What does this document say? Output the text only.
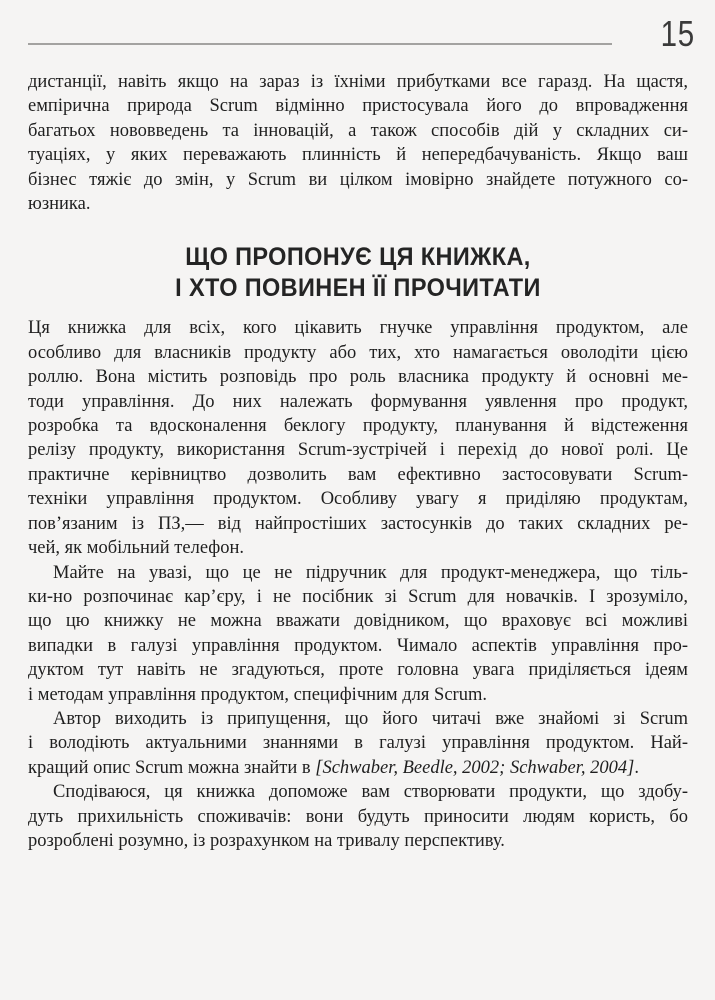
15
дистанції, навіть якщо на зараз із їхніми прибутками все гаразд. На щастя,
емпірична природа Scrum відмінно пристосувала його до впровадження
багатьох нововведень та інновацій, а також способів дій у складних си-
туаціях, у яких переважають плинність й непередбачуваність. Якщо ваш
бізнес тяжіє до змін, у Scrum ви цілком імовірно знайдете потужного со-
юзника.
ЩО ПРОПОНУЄ ЦЯ КНИЖКА,
І ХТО ПОВИНЕН ЇЇ ПРОЧИТАТИ
Ця книжка для всіх, кого цікавить гнучке управління продуктом, але
особливо для власників продукту або тих, хто намагається оволодіти цією
роллю. Вона містить розповідь про роль власника продукту й основні ме-
тоди управління. До них належать формування уявлення про продукт,
розробка та вдосконалення беклогу продукту, планування й відстеження
релізу продукту, використання Scrum-зустрічей і перехід до нової ролі. Це
практичне керівництво дозволить вам ефективно застосовувати Scrum-
техніки управління продуктом. Особливу увагу я приділяю продуктам,
пов’язаним із ПЗ,— від найпростіших застосунків до таких складних ре-
чей, як мобільний телефон.
Майте на увазі, що це не підручник для продукт-менеджера, що тіль-
ки-но розпочинає кар’єру, і не посібник зі Scrum для новачків. І зрозуміло,
що цю книжку не можна вважати довідником, що враховує всі можливі
випадки в галузі управління продуктом. Чимало аспектів управління про-
дуктом тут навіть не згадуються, проте головна увага приділяється ідеям
і методам управління продуктом, специфічним для Scrum.
Автор виходить із припущення, що його читачі вже знайомі зі Scrum
і володіють актуальними знаннями в галузі управління продуктом. Най-
кращий опис Scrum можна знайти в [Schwaber, Beedle, 2002; Schwaber, 2004].
Сподіваюся, ця книжка допоможе вам створювати продукти, що здобу-
дуть прихильність споживачів: вони будуть приносити людям користь, бо
розроблені розумно, із розрахунком на тривалу перспективу.
